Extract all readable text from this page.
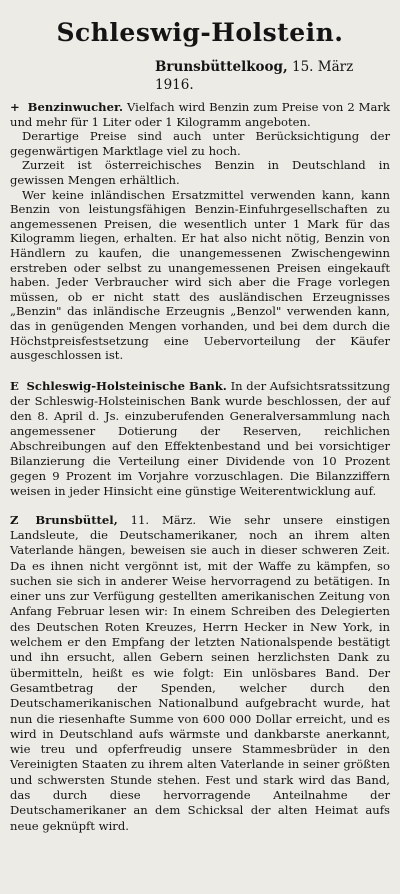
Schleswig-Holstein.
Brunsbüttelkoog, 15. März 1916.

+ Benzinwucher. Vielfach wird Benzin zum Preise von 2 Mark und mehr für 1 Liter oder 1 Kilogramm angeboten.

Derartige Preise sind auch unter Berücksichtigung der gegenwärtigen Marktlage viel zu hoch.

Zurzeit ist österreichisches Benzin in Deutschland in gewissen Mengen erhältlich.

Wer keine inländischen Ersatzmittel verwenden kann, kann Benzin von leistungsfähigen Benzin-Einfuhrgesellschaften zu angemessenen Preisen, die wesentlich unter 1 Mark für das Kilogramm liegen, erhalten. Er hat also nicht nötig, Benzin von Händlern zu kaufen, die unangemessenen Zwischengewinn erstreben oder selbst zu unangemessenen Preisen eingekauft haben. Jeder Verbraucher wird sich aber die Frage vorlegen müssen, ob er nicht statt des ausländischen Erzeugnisses „Benzin" das inländische Erzeugnis „Benzol" verwenden kann, das in genügenden Mengen vorhanden, und bei dem durch die Höchstpreisfestsetzung eine Uebervorteilung der Käufer ausgeschlossen ist.

E Schleswig-Holsteinische Bank. In der Aufsichtsratssitzung der Schleswig-Holsteinischen Bank wurde beschlossen, der auf den 8. April d. Js. einzuberufenden Generalversammlung nach angemessener Dotierung der Reserven, reichlichen Abschreibungen auf den Effektenbestand und bei vorsichtiger Bilanzierung die Verteilung einer Dividende von 10 Prozent gegen 9 Prozent im Vorjahre vorzuschlagen. Die Bilanzziffern weisen in jeder Hinsicht eine günstige Weiterentwicklung auf.

Z Brunsbüttel, 11. März. Wie sehr unsere einstigen Landsleute, die Deutschamerikaner, noch an ihrem alten Vaterlande hängen, beweisen sie auch in dieser schweren Zeit. Da es ihnen nicht vergönnt ist, mit der Waffe zu kämpfen, so suchen sie sich in anderer Weise hervorragend zu betätigen. In einer uns zur Verfügung gestellten amerikanischen Zeitung von Anfang Februar lesen wir: In einem Schreiben des Delegierten des Deutschen Roten Kreuzes, Herrn Hecker in New York, in welchem er den Empfang der letzten Nationalspende bestätigt und ihn ersucht, allen Gebern seinen herzlichsten Dank zu übermitteln, heißt es wie folgt: Ein unlösbares Band. Der Gesamtbetrag der Spenden, welcher durch den Deutschamerikanischen Nationalbund aufgebracht wurde, hat nun die riesenhafte Summe von 600 000 Dollar erreicht, und es wird in Deutschland aufs wärmste und dankbarste anerkannt, wie treu und opferfreudig unsere Stammesbrüder in den Vereinigten Staaten zu ihrem alten Vaterlande in seiner größten und schwersten Stunde stehen. Fest und stark wird das Band, das durch diese hervorragende Anteilnahme der Deutschamerikaner an dem Schicksal der alten Heimat aufs neue geknüpft wird.
